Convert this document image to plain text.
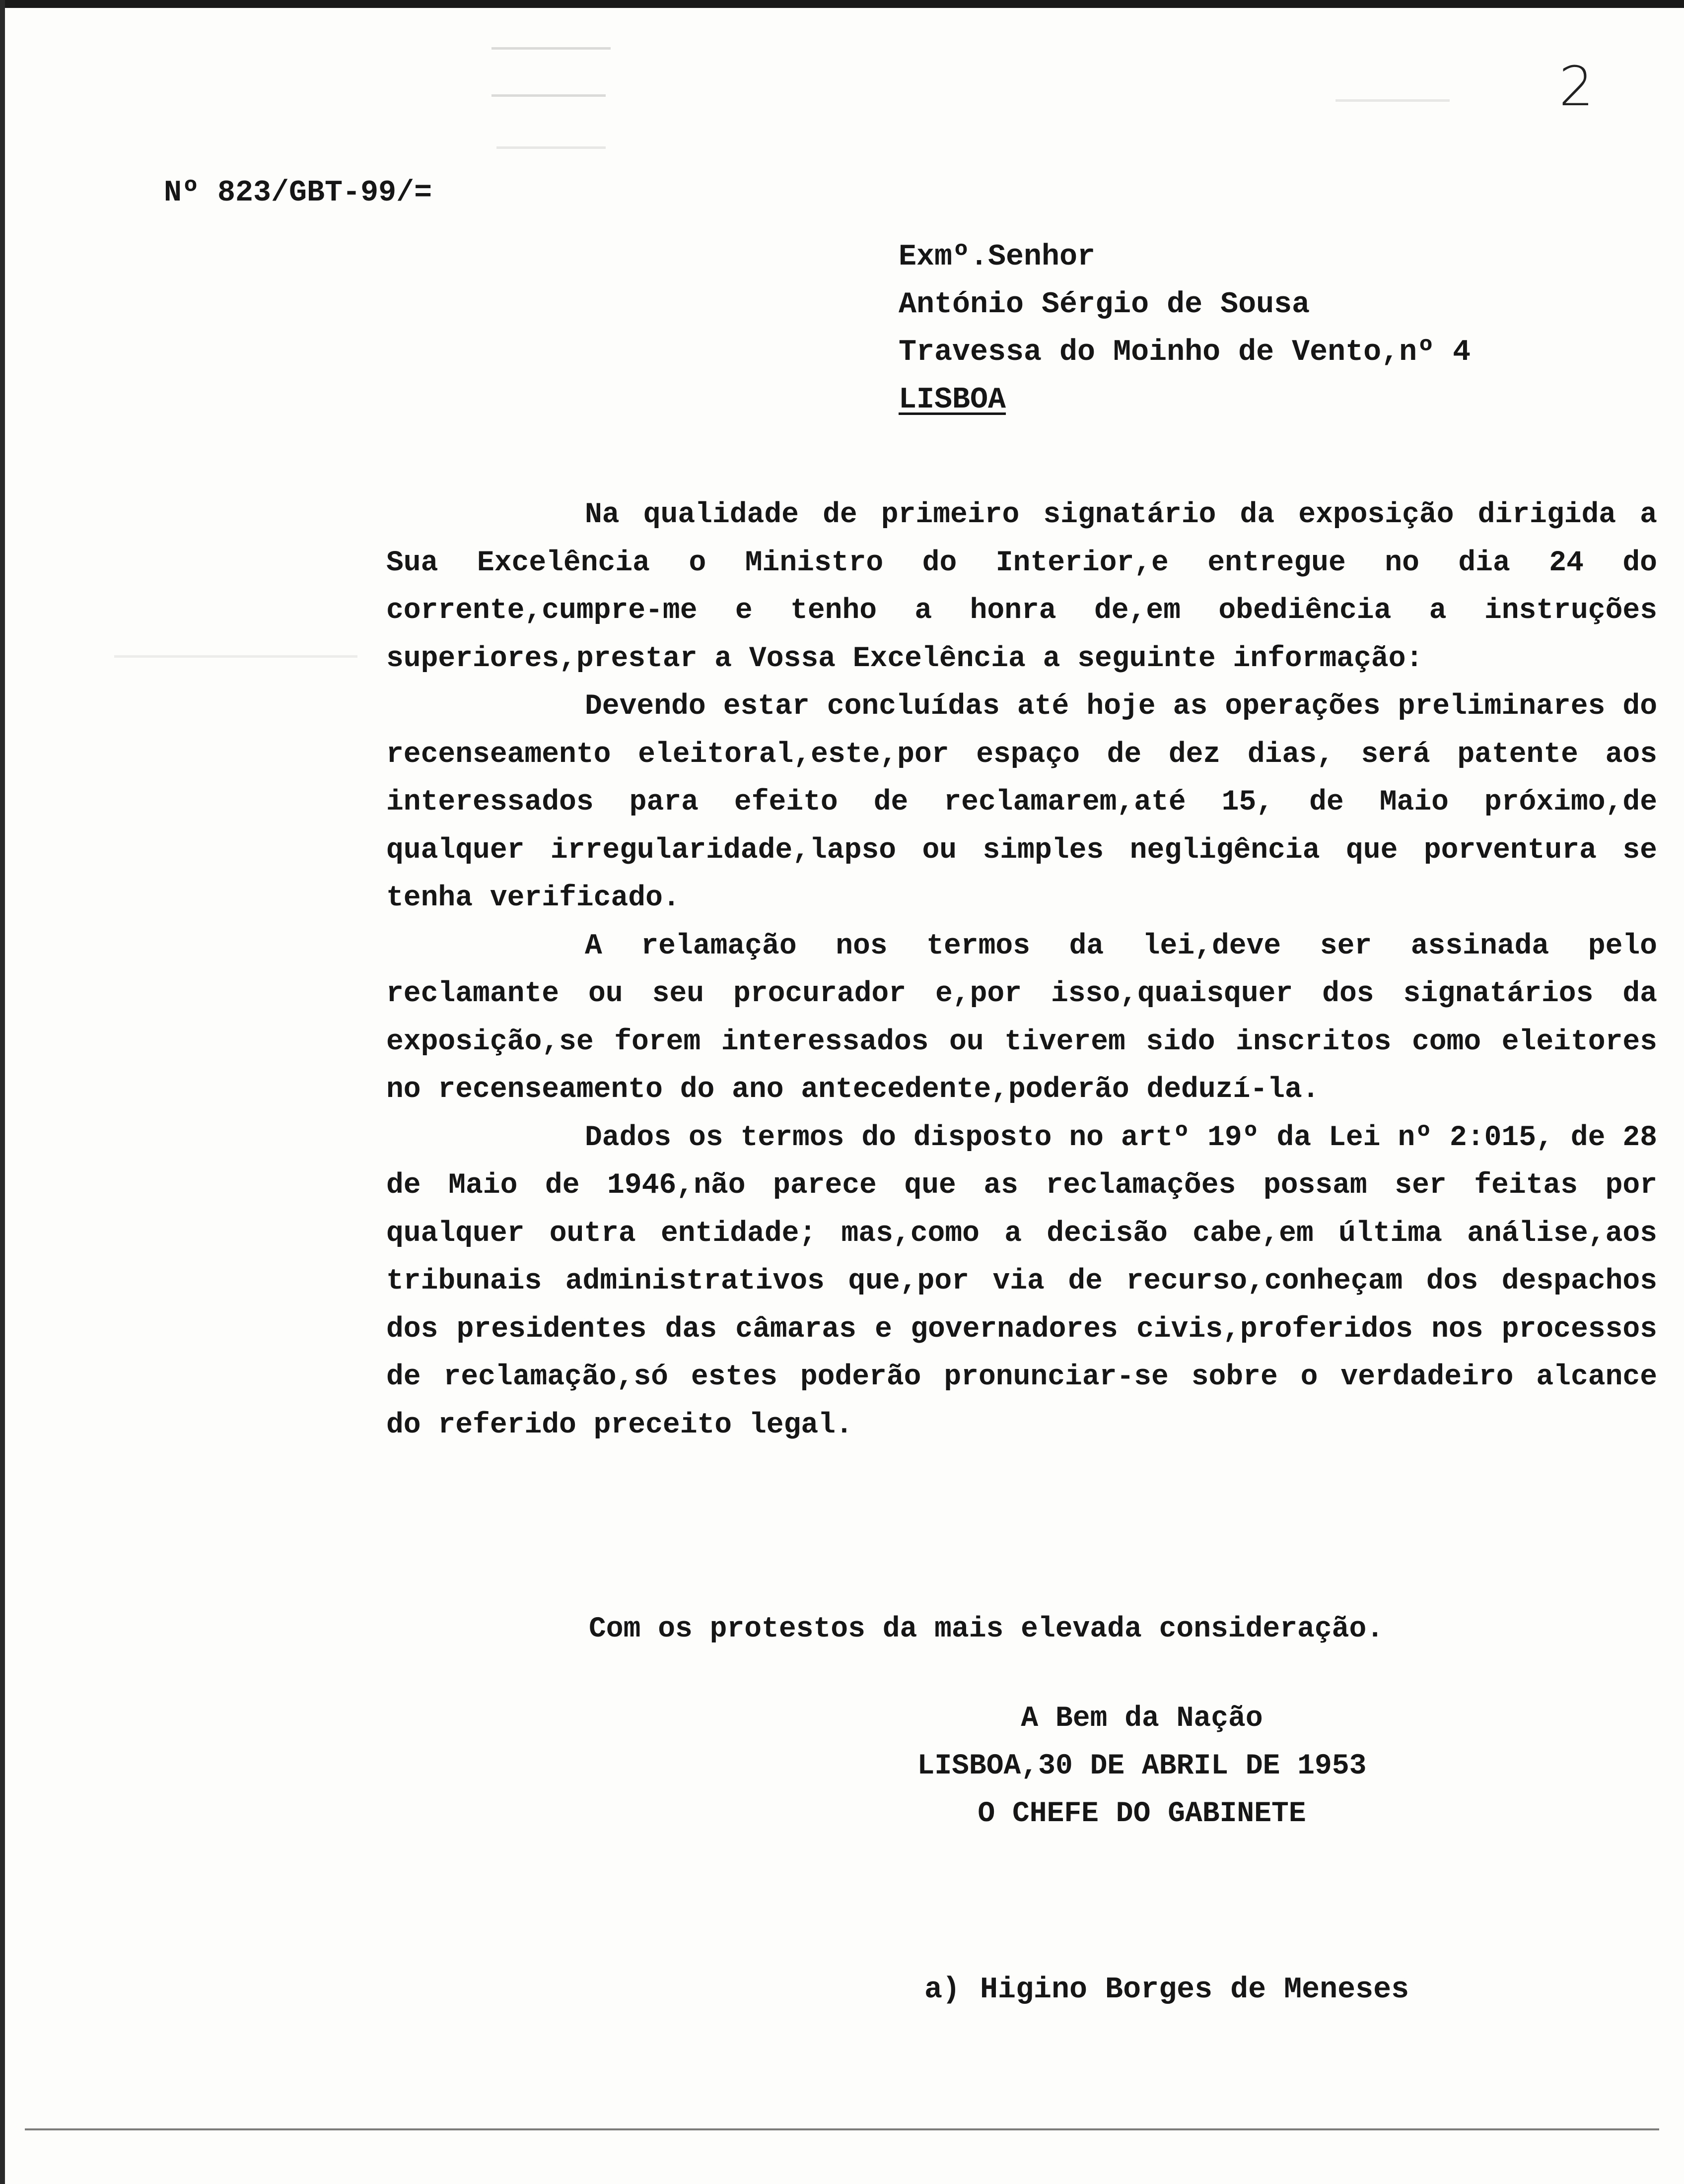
2
Nº 823/GBT-99/=
Exmº.Senhor
António Sérgio de Sousa
Travessa do Moinho de Vento,nº 4
LISBOA

Na qualidade de primeiro signatário da exposição dirigida a Sua Excelência o Ministro do Interior,e entregue no dia 24 do corrente,cumpre-me e tenho a honra de,em obediência a instruções superiores,prestar a Vossa Excelência a seguinte informação:

Devendo estar concluídas até hoje as operações preliminares do recenseamento eleitoral,este,por espaço de dez dias, será patente aos interessados para efeito de reclamarem,até 15, de Maio próximo,de qualquer irregularidade,lapso ou simples negligência que porventura se tenha verificado.

A relamação nos termos da lei,deve ser assinada pelo reclamante ou seu procurador e,por isso,quaisquer dos signatários da exposição,se forem interessados ou tiverem sido inscritos como eleitores no recenseamento do ano antecedente,poderão deduzí-la.

Dados os termos do disposto no artº 19º da Lei nº 2:015, de 28 de Maio de 1946,não parece que as reclamações possam ser feitas por qualquer outra entidade; mas,como a decisão cabe,em última análise,aos tribunais administrativos que,por via de recurso,conheçam dos despachos dos presidentes das câmaras e governadores civis,proferidos nos processos de reclamação,só estes poderão pronunciar-se sobre o verdadeiro alcance do referido preceito legal.

Com os protestos da mais elevada consideração.
A Bem da Nação
LISBOA,30 DE ABRIL DE 1953
O CHEFE DO GABINETE
a) Higino Borges de Meneses
